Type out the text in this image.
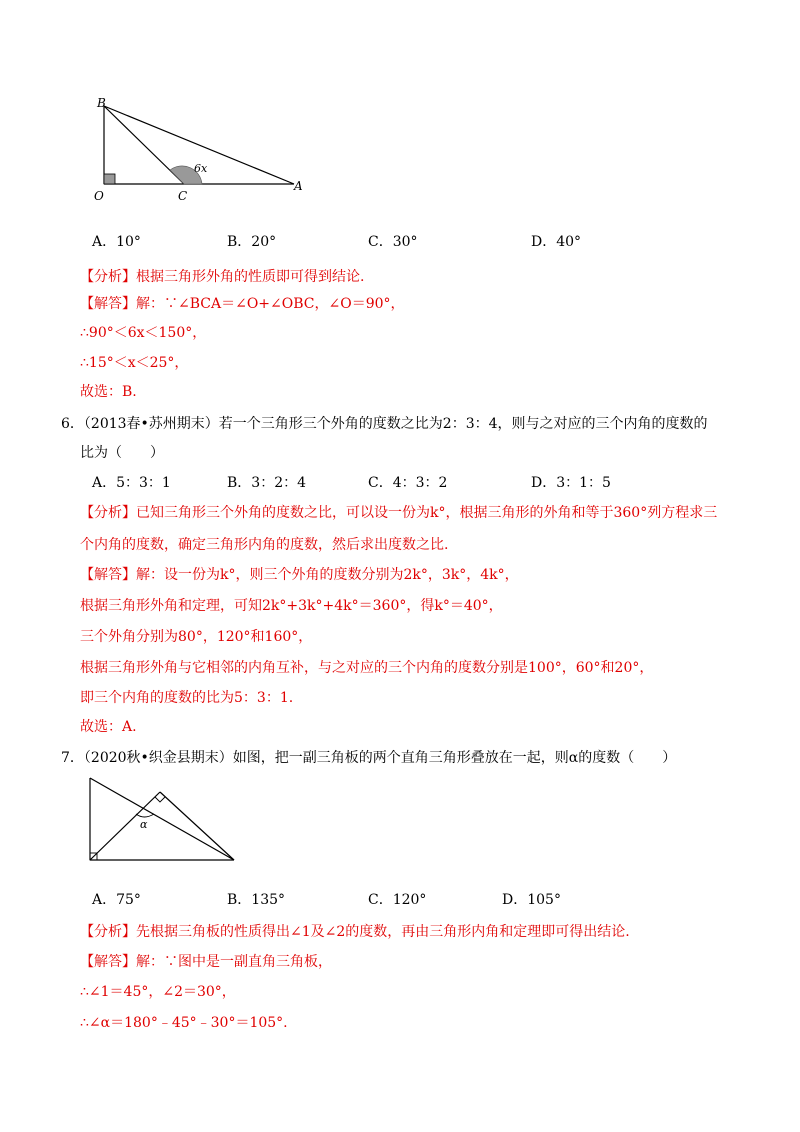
B
O	C
A
6x
A．10°	B．20°	C．30°	D．40°
【分析】根据三角形外角的性质即可得到结论.
【解答】解：∵∠BCA＝∠O+∠OBC，∠O＝90°，
∴90°＜6x＜150°，
∴15°＜x＜25°，
故选：B.
6．（2013春•苏州期末）若一个三角形三个外角的度数之比为2：3：4，则与之对应的三个内角的度数的
比为（　　）
A．5：3：1	B．3：2：4	C．4：3：2	D．3：1：5
【分析】已知三角形三个外角的度数之比，可以设一份为k°，根据三角形的外角和等于360°列方程求三
个内角的度数，确定三角形内角的度数，然后求出度数之比.
【解答】解：设一份为k°，则三个外角的度数分别为2k°，3k°，4k°，
根据三角形外角和定理，可知2k°+3k°+4k°＝360°，得k°＝40°，
三个外角分别为80°，120°和160°，
根据三角形外角与它相邻的内角互补，与之对应的三个内角的度数分别是100°，60°和20°，
即三个内角的度数的比为5：3：1.
故选：A.
7．（2020秋•织金县期末）如图，把一副三角板的两个直角三角形叠放在一起，则α的度数（　　）
α
A．75°	B．135°	C．120°	D．105°
【分析】先根据三角板的性质得出∠1及∠2的度数，再由三角形内角和定理即可得出结论.
【解答】解：∵图中是一副直角三角板，
∴∠1＝45°，∠2＝30°，
∴∠α＝180°﹣45°﹣30°＝105°.
